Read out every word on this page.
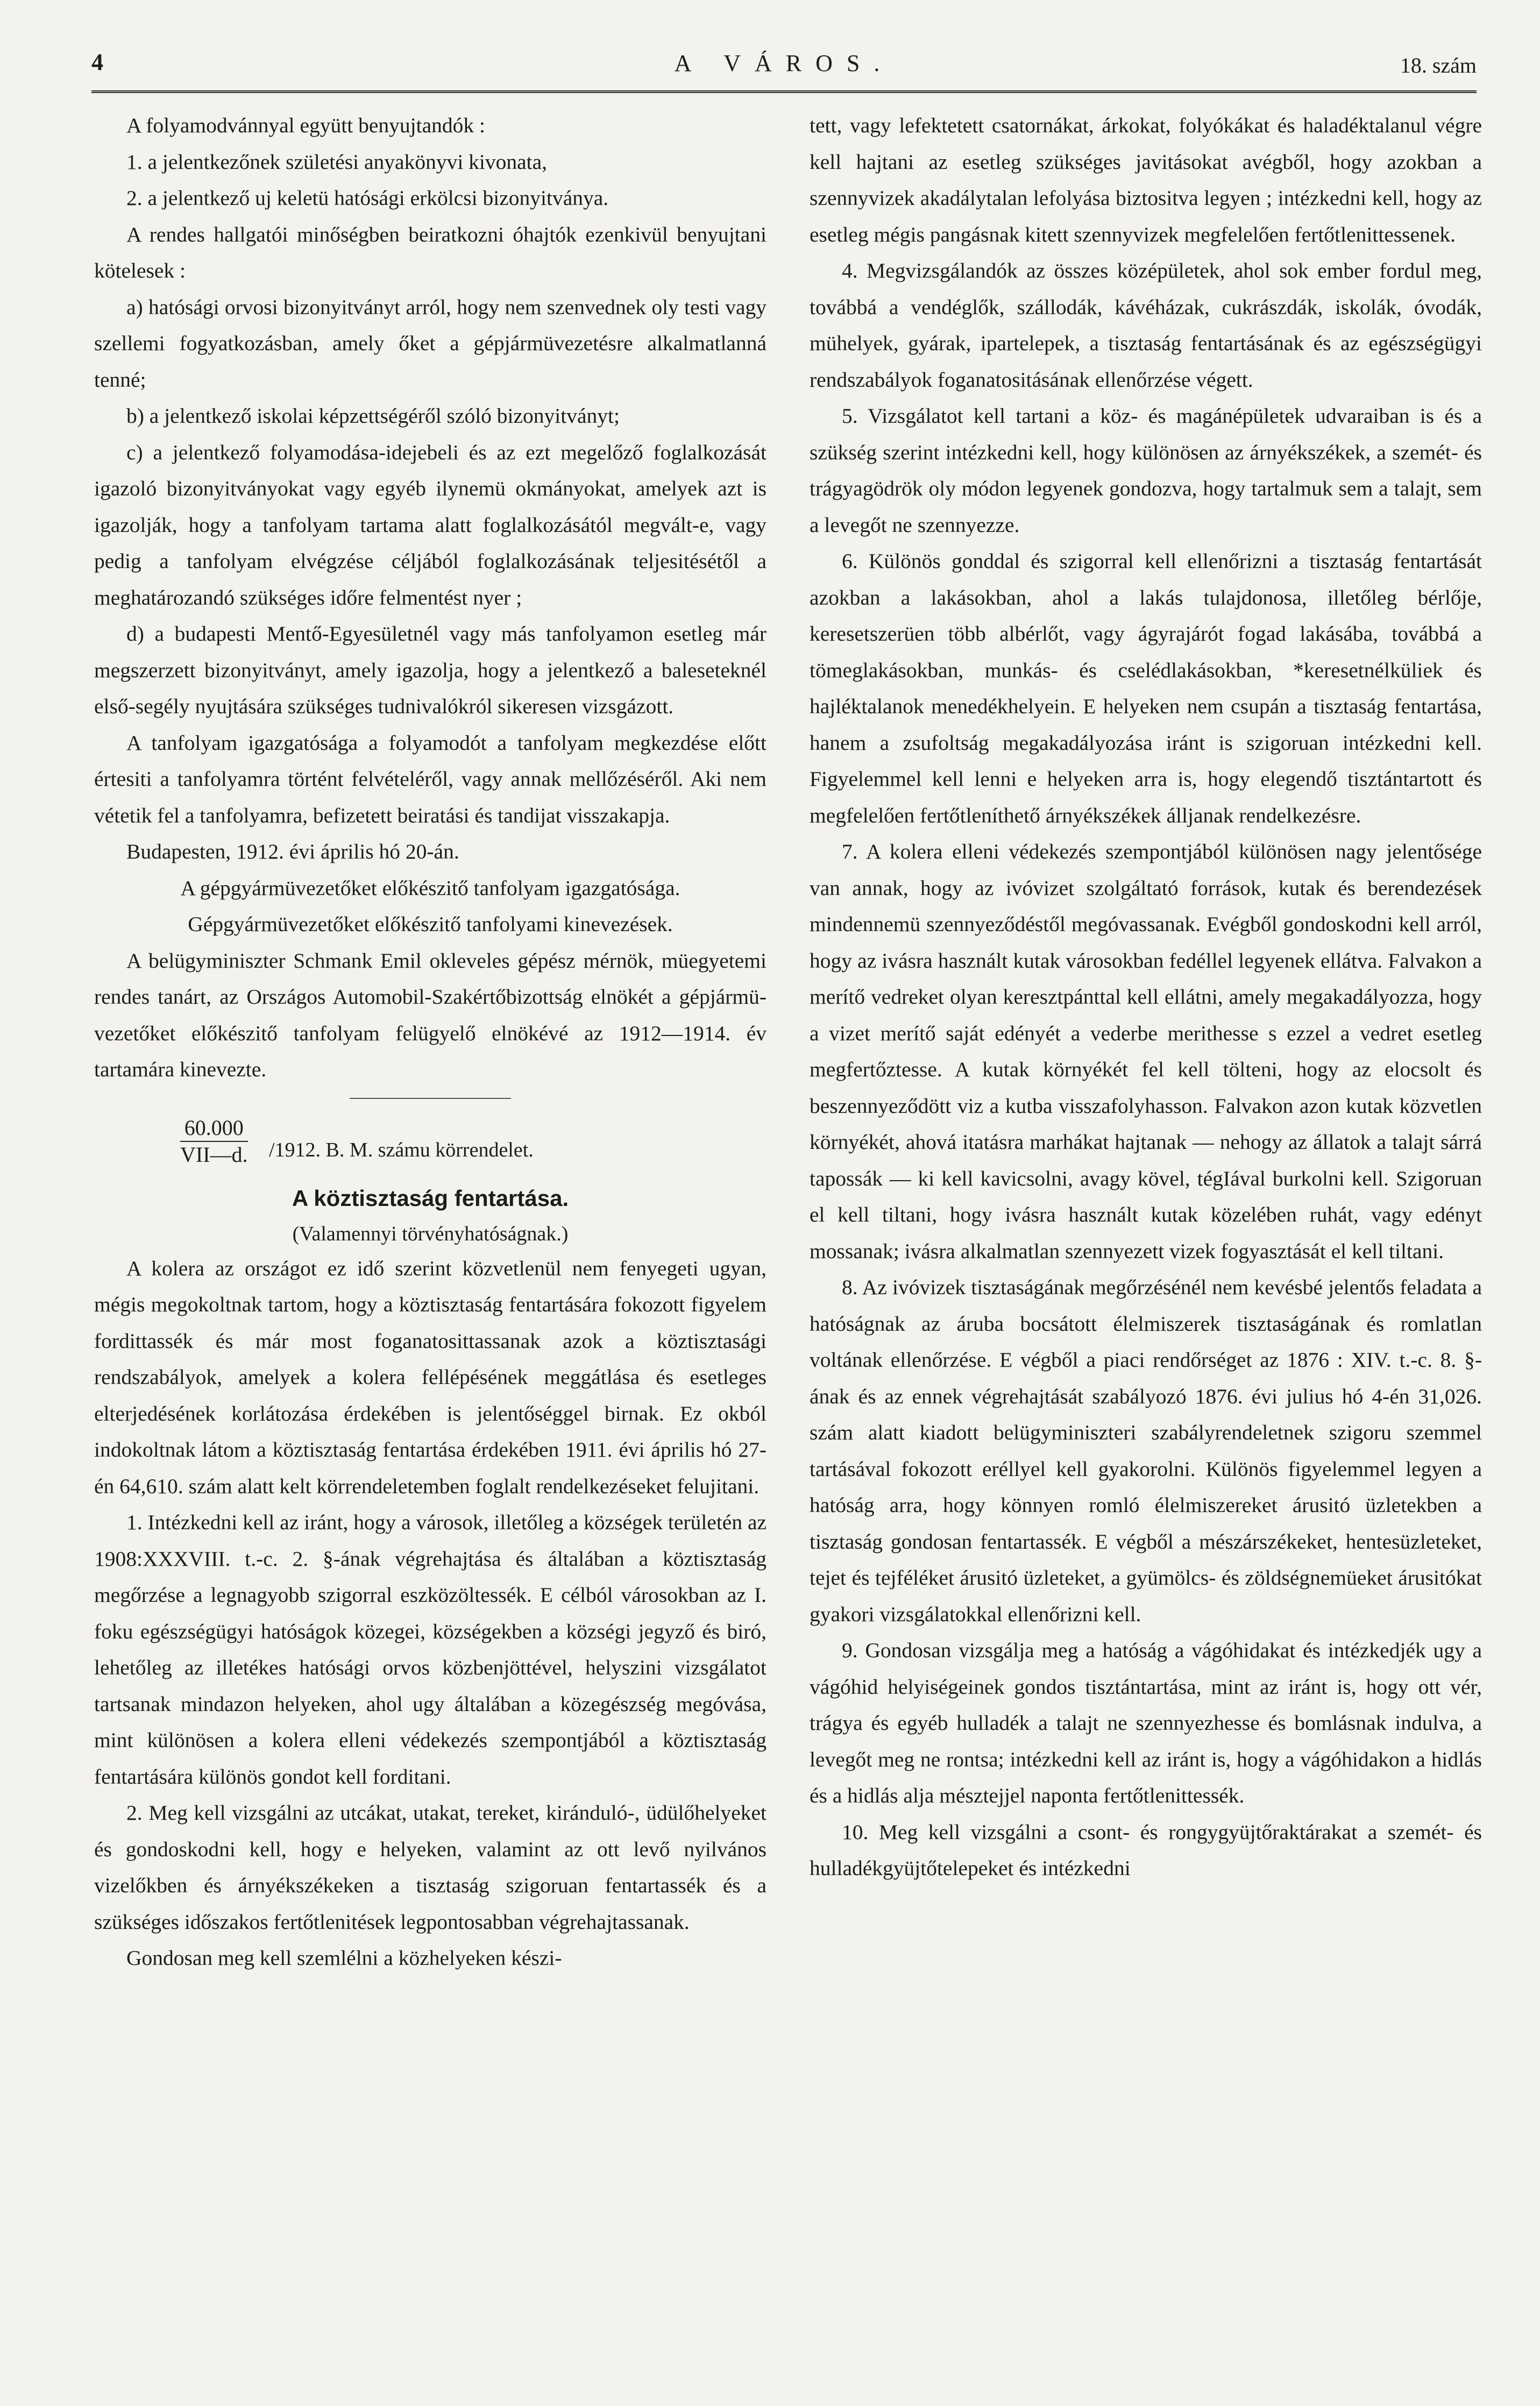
4	A VÁROS.	18. szám

A folyamodvánnyal együtt benyujtandók :

1. a jelentkezőnek születési anyakönyvi kivonata,

2. a jelentkező uj keletü hatósági erkölcsi bizonyitványa.

A rendes hallgatói minőségben beiratkozni óhajtók ezenkivül benyujtani kötelesek :

a) hatósági orvosi bizonyitványt arról, hogy nem szenvednek oly testi vagy szellemi fogyatkozásban, amely őket a gépjármüvezetésre alkalmatlanná tenné;

b) a jelentkező iskolai képzettségéről szóló bizonyitványt;

c) a jelentkező folyamodása-idejebeli és az ezt megelőző foglalkozását igazoló bizonyitványokat vagy egyéb ilynemü okmányokat, amelyek azt is igazolják, hogy a tanfolyam tartama alatt foglalkozásától megvált-e, vagy pedig a tanfolyam elvégzése céljából foglalkozásának teljesitésétől a meghatározandó szükséges időre felmentést nyer ;

d) a budapesti Mentő-Egyesületnél vagy más tanfolyamon esetleg már megszerzett bizonyitványt, amely igazolja, hogy a jelentkező a baleseteknél első-segély nyujtására szükséges tudnivalókról sikeresen vizsgázott.

A tanfolyam igazgatósága a folyamodót a tanfolyam megkezdése előtt értesiti a tanfolyamra történt felvételéről, vagy annak mellőzéséről. Aki nem vétetik fel a tanfolyamra, befizetett beiratási és tandijat visszakapja.

Budapesten, 1912. évi április hó 20-án.

A gépgyármüvezetőket előkészitő tanfolyam igazgatósága.

Gépgyármüvezetőket előkészitő tanfolyami kinevezések.

A belügyminiszter Schmank Emil okleveles gépész mérnök, müegyetemi rendes tanárt, az Országos Automobil-Szakértőbizottság elnökét a gépjármü-vezetőket előkészitő tanfolyam felügyelő elnökévé az 1912—1914. év tartamára kinevezte.

60.000
VII—d. /1912. B. M. számu körrendelet.
A köztisztaság fentartása.
(Valamennyi törvényhatóságnak.)

A kolera az országot ez idő szerint közvetlenül nem fenyegeti ugyan, mégis megokoltnak tartom, hogy a köztisztaság fentartására fokozott figyelem fordittassék és már most foganatosittassanak azok a köztisztasági rendszabályok, amelyek a kolera fellépésének meggátlása és esetleges elterjedésének korlátozása érdekében is jelentőséggel birnak. Ez okból indokoltnak látom a köztisztaság fentartása érdekében 1911. évi április hó 27-én 64,610. szám alatt kelt körrendeletemben foglalt rendelkezéseket felujitani.

1. Intézkedni kell az iránt, hogy a városok, illetőleg a községek területén az 1908:XXXVIII. t.-c. 2. §-ának végrehajtása és általában a köztisztaság megőrzése a legnagyobb szigorral eszközöltessék. E célból városokban az I. foku egészségügyi hatóságok közegei, községekben a községi jegyző és biró, lehetőleg az illetékes hatósági orvos közbenjöttével, helyszini vizsgálatot tartsanak mindazon helyeken, ahol ugy általában a közegészség megóvása, mint különösen a kolera elleni védekezés szempontjából a köztisztaság fentartására különös gondot kell forditani.

2. Meg kell vizsgálni az utcákat, utakat, tereket, kiránduló-, üdülőhelyeket és gondoskodni kell, hogy e helyeken, valamint az ott levő nyilvános vizelőkben és árnyékszékeken a tisztaság szigoruan fentartassék és a szükséges időszakos fertőtlenitések legpontosabban végrehajtassanak.

Gondosan meg kell szemlélni a közhelyeken készi-

tett, vagy lefektetett csatornákat, árkokat, folyókákat és haladéktalanul végre kell hajtani az esetleg szükséges javitásokat avégből, hogy azokban a szennyvizek akadálytalan lefolyása biztositva legyen ; intézkedni kell, hogy az esetleg mégis pangásnak kitett szennyvizek megfelelően fertőtlenittessenek.

4. Megvizsgálandók az összes középületek, ahol sok ember fordul meg, továbbá a vendéglők, szállodák, kávéházak, cukrászdák, iskolák, óvodák, mühelyek, gyárak, ipartelepek, a tisztaság fentartásának és az egészségügyi rendszabályok foganatositásának ellenőrzése végett.

5. Vizsgálatot kell tartani a köz- és magánépületek udvaraiban is és a szükség szerint intézkedni kell, hogy különösen az árnyékszékek, a szemét- és trágyagödrök oly módon legyenek gondozva, hogy tartalmuk sem a talajt, sem a levegőt ne szennyezze.

6. Különös gonddal és szigorral kell ellenőrizni a tisztaság fentartását azokban a lakásokban, ahol a lakás tulajdonosa, illetőleg bérlője, keresetszerüen több albérlőt, vagy ágyrajárót fogad lakásába, továbbá a tömeglakásokban, munkás- és cselédlakásokban, *keresetnélküliek és hajléktalanok menedékhelyein. E helyeken nem csupán a tisztaság fentartása, hanem a zsufoltság megakadályozása iránt is szigoruan intézkedni kell. Figyelemmel kell lenni e helyeken arra is, hogy elegendő tisztántartott és megfelelően fertőtleníthető árnyékszékek álljanak rendelkezésre.

7. A kolera elleni védekezés szempontjából különösen nagy jelentősége van annak, hogy az ivóvizet szolgáltató források, kutak és berendezések mindennemü szennyeződéstől megóvassanak. Evégből gondoskodni kell arról, hogy az ivásra használt kutak városokban fedéllel legyenek ellátva. Falvakon a merítő vedreket olyan keresztpánttal kell ellátni, amely megakadályozza, hogy a vizet merítő saját edényét a vederbe merithesse s ezzel a vedret esetleg megfertőztesse. A kutak környékét fel kell tölteni, hogy az elocsolt és beszennyeződött viz a kutba visszafolyhasson. Falvakon azon kutak közvetlen környékét, ahová itatásra marhákat hajtanak — nehogy az állatok a talajt sárrá tapossák — ki kell kavicsolni, avagy kövel, tégIával burkolni kell. Szigoruan el kell tiltani, hogy ivásra használt kutak közelében ruhát, vagy edényt mossanak; ivásra alkalmatlan szennyezett vizek fogyasztását el kell tiltani.

8. Az ivóvizek tisztaságának megőrzésénél nem kevésbé jelentős feladata a hatóságnak az áruba bocsátott élelmiszerek tisztaságának és romlatlan voltának ellenőrzése. E végből a piaci rendőrséget az 1876 : XIV. t.-c. 8. §-ának és az ennek végrehajtását szabályozó 1876. évi julius hó 4-én 31,026. szám alatt kiadott belügyminiszteri szabályrendeletnek szigoru szemmel tartásával fokozott eréllyel kell gyakorolni. Különös figyelemmel legyen a hatóság arra, hogy könnyen romló élelmiszereket árusitó üzletekben a tisztaság gondosan fentartassék. E végből a mészárszékeket, hentesüzleteket, tejet és tejféléket árusitó üzleteket, a gyümölcs- és zöldségnemüeket árusitókat gyakori vizsgálatokkal ellenőrizni kell.

9. Gondosan vizsgálja meg a hatóság a vágóhidakat és intézkedjék ugy a vágóhid helyiségeinek gondos tisztántartása, mint az iránt is, hogy ott vér, trágya és egyéb hulladék a talajt ne szennyezhesse és bomlásnak indulva, a levegőt meg ne rontsa; intézkedni kell az iránt is, hogy a vágóhidakon a hidlás és a hidlás alja mésztejjel naponta fertőtlenittessék.

10. Meg kell vizsgálni a csont- és rongygyüjtőraktárakat a szemét- és hulladékgyüjtőtelepeket és intézkedni
